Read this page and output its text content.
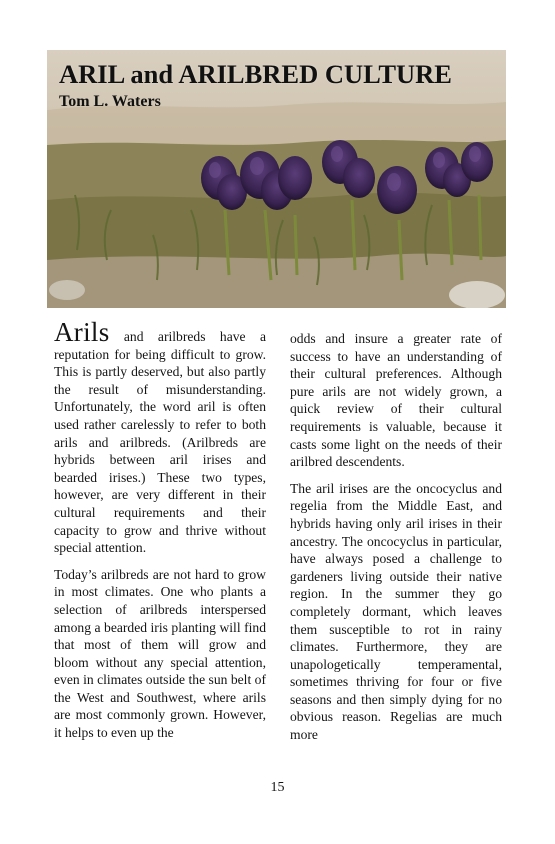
ARIL and ARILBRED CULTURE

Tom L. Waters

Arils and arilbreds have a reputation for being difficult to grow. This is partly deserved, but also partly the result of misunderstanding. Unfortunately, the word aril is often used rather carelessly to refer to both arils and arilbreds. (Arilbreds are hybrids between aril irises and bearded irises.) These two types, however, are very different in their cultural requirements and their capacity to grow and thrive without special attention.

Today’s arilbreds are not hard to grow in most climates. One who plants a selection of arilbreds interspersed among a bearded iris planting will find that most of them will grow and bloom without any special attention, even in climates outside the sun belt of the West and Southwest, where arils are most commonly grown. However, it helps to even up the

odds and insure a greater rate of success to have an understanding of their cultural preferences. Although pure arils are not widely grown, a quick review of their cultural requirements is valuable, because it casts some light on the needs of their arilbred descendents.

The aril irises are the oncocyclus and regelia from the Middle East, and hybrids having only aril irises in their ancestry. The oncocyclus in particular, have always posed a challenge to gardeners living outside their native region. In the summer they go completely dormant, which leaves them susceptible to rot in rainy climates. Furthermore, they are unapologetically temperamental, sometimes thriving for four or five seasons and then simply dying for no obvious reason. Regelias are much more

15
